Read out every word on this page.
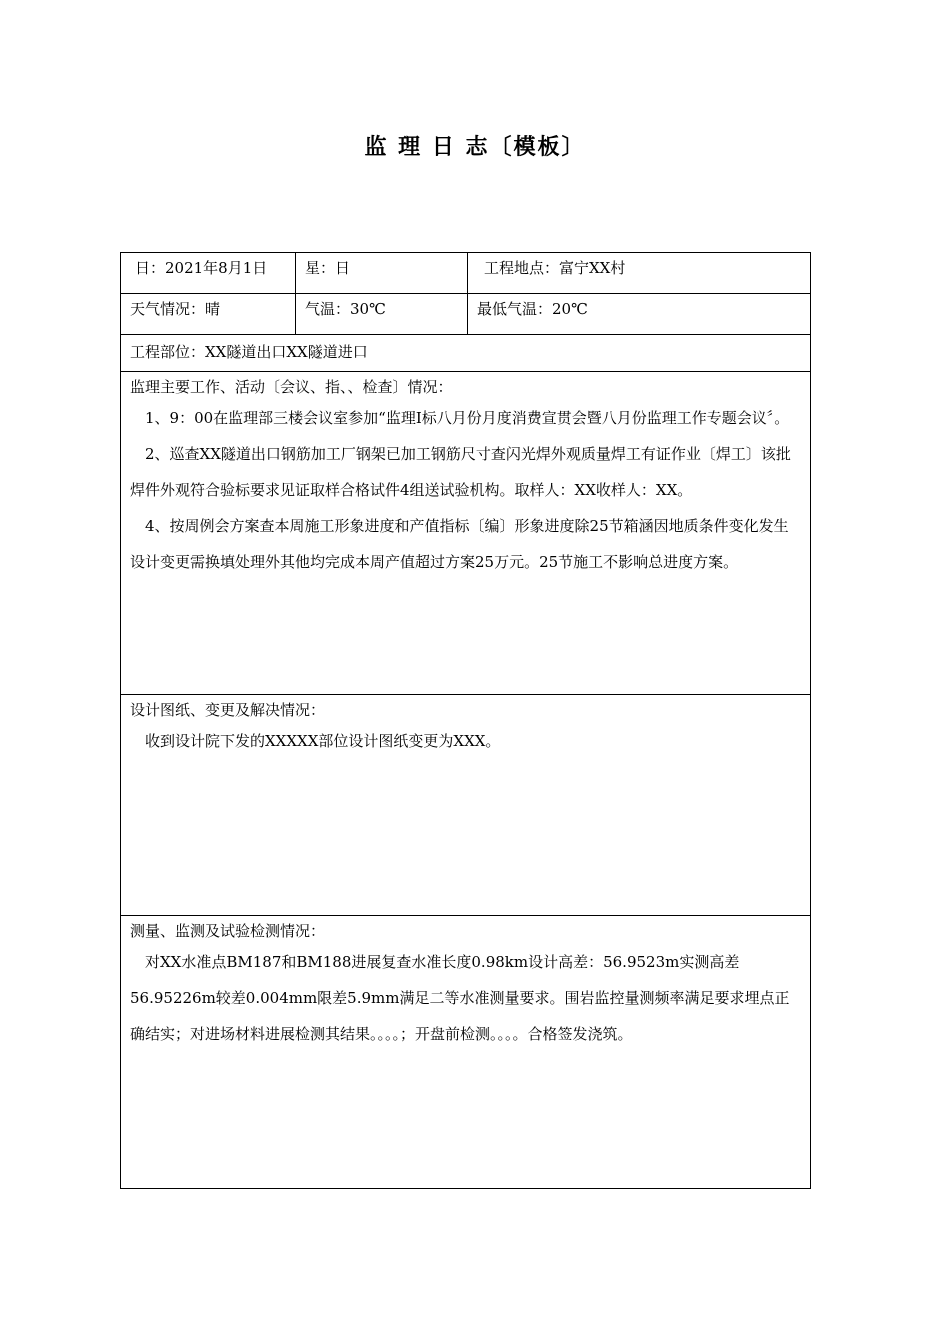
监 理 日 志〔模板〕
日：2021年8月1日	星：日	工程地点：富宁XX村
天气情况：晴	气温：30℃	最低气温：20℃
工程部位：XX隧道出口XX隧道进口		

监理主要工作、活动〔会议、指、、检查〕情况：
1、9：00在监理部三楼会议室参加“监理Ⅰ标八月份月度消费宣贯会暨八月份监理工作专题会议〞。
2、巡查XX隧道出口钢筋加工厂钢架已加工钢筋尺寸查闪光焊外观质量焊工有证作业〔焊工〕该批焊件外观符合验标要求见证取样合格试件4组送试验机构。取样人：XX收样人：XX。
4、按周例会方案查本周施工形象进度和产值指标〔编〕形象进度除25节箱涵因地质条件变化发生设计变更需换填处理外其他均完成本周产值超过方案25万元。25节施工不影响总进度方案。		

设计图纸、变更及解决情况：
收到设计院下发的XXXXX部位设计图纸变更为XXX。		

测量、监测及试验检测情况：
对XX水准点BM187和BM188进展复查水准长度0.98km设计高差：56.9523m实测高差56.95226m较差0.004mm限差5.9mm满足二等水准测量要求。围岩监控量测频率满足要求埋点正确结实；对进场材料进展检测其结果。。。。；开盘前检测。。。。合格签发浇筑。		
